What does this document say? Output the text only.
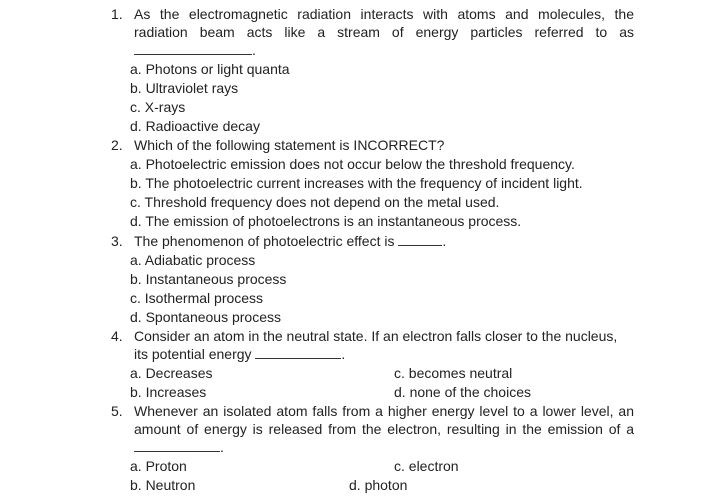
1. As the electromagnetic radiation interacts with atoms and molecules, the
radiation beam acts like a stream of energy particles referred to as
.
a. Photons or light quanta
b. Ultraviolet rays
c. X-rays
d. Radioactive decay
2. Which of the following statement is INCORRECT?
a. Photoelectric emission does not occur below the threshold frequency.
b. The photoelectric current increases with the frequency of incident light.
c. Threshold frequency does not depend on the metal used.
d. The emission of photoelectrons is an instantaneous process.
3. The phenomenon of photoelectric effect is	.
a. Adiabatic process
b. Instantaneous process
c. Isothermal process
d. Spontaneous process
4. Consider an atom in the neutral state. If an electron falls closer to the nucleus,
its potential energy	.
a. Decreases
b. Increases
c. becomes neutral
d. none of the choices
5. Whenever an isolated atom falls from a higher energy level to a lower level, an
amount of energy is released from the electron, resulting in the emission of a
.
a. Proton
b. Neutron
c. electron
d. photon
